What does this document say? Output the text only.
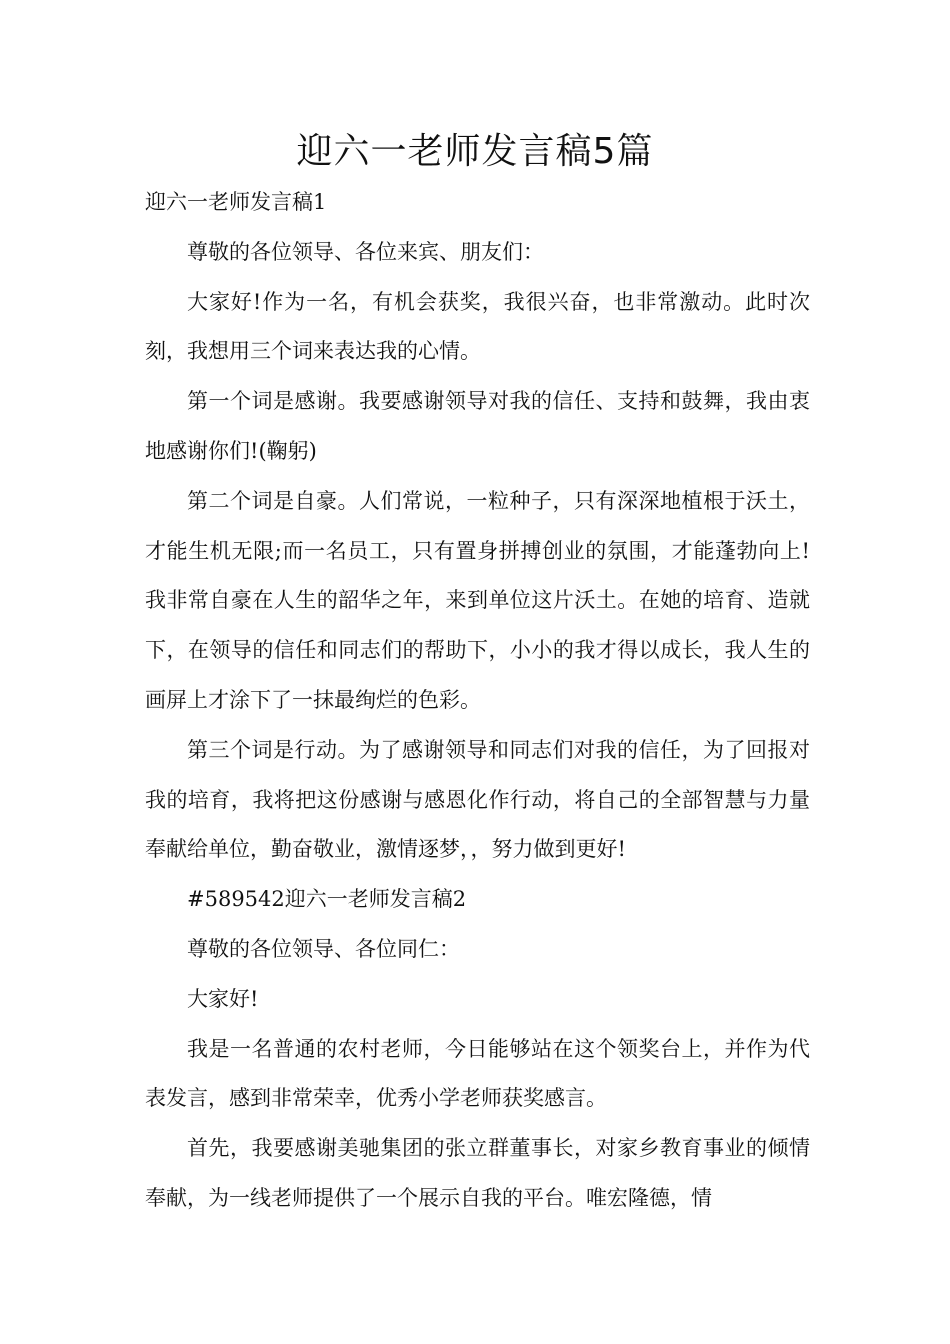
迎六一老师发言稿5篇

迎六一老师发言稿1

尊敬的各位领导、各位来宾、朋友们：

大家好!作为一名，有机会获奖，我很兴奋，也非常激动。此时次刻，我想用三个词来表达我的心情。

第一个词是感谢。我要感谢领导对我的信任、支持和鼓舞，我由衷地感谢你们!(鞠躬)

第二个词是自豪。人们常说，一粒种子，只有深深地植根于沃土，才能生机无限;而一名员工，只有置身拼搏创业的氛围，才能蓬勃向上!我非常自豪在人生的韶华之年，来到单位这片沃土。在她的培育、造就下，在领导的信任和同志们的帮助下，小小的我才得以成长，我人生的画屏上才涂下了一抹最绚烂的色彩。

第三个词是行动。为了感谢领导和同志们对我的信任，为了回报对我的培育，我将把这份感谢与感恩化作行动，将自己的全部智慧与力量奉献给单位，勤奋敬业，激情逐梦，，努力做到更好!

#589542迎六一老师发言稿2

尊敬的各位领导、各位同仁：

大家好!

我是一名普通的农村老师，今日能够站在这个领奖台上，并作为代表发言，感到非常荣幸，优秀小学老师获奖感言。

首先，我要感谢美驰集团的张立群董事长，对家乡教育事业的倾情奉献，为一线老师提供了一个展示自我的平台。唯宏隆德，情
